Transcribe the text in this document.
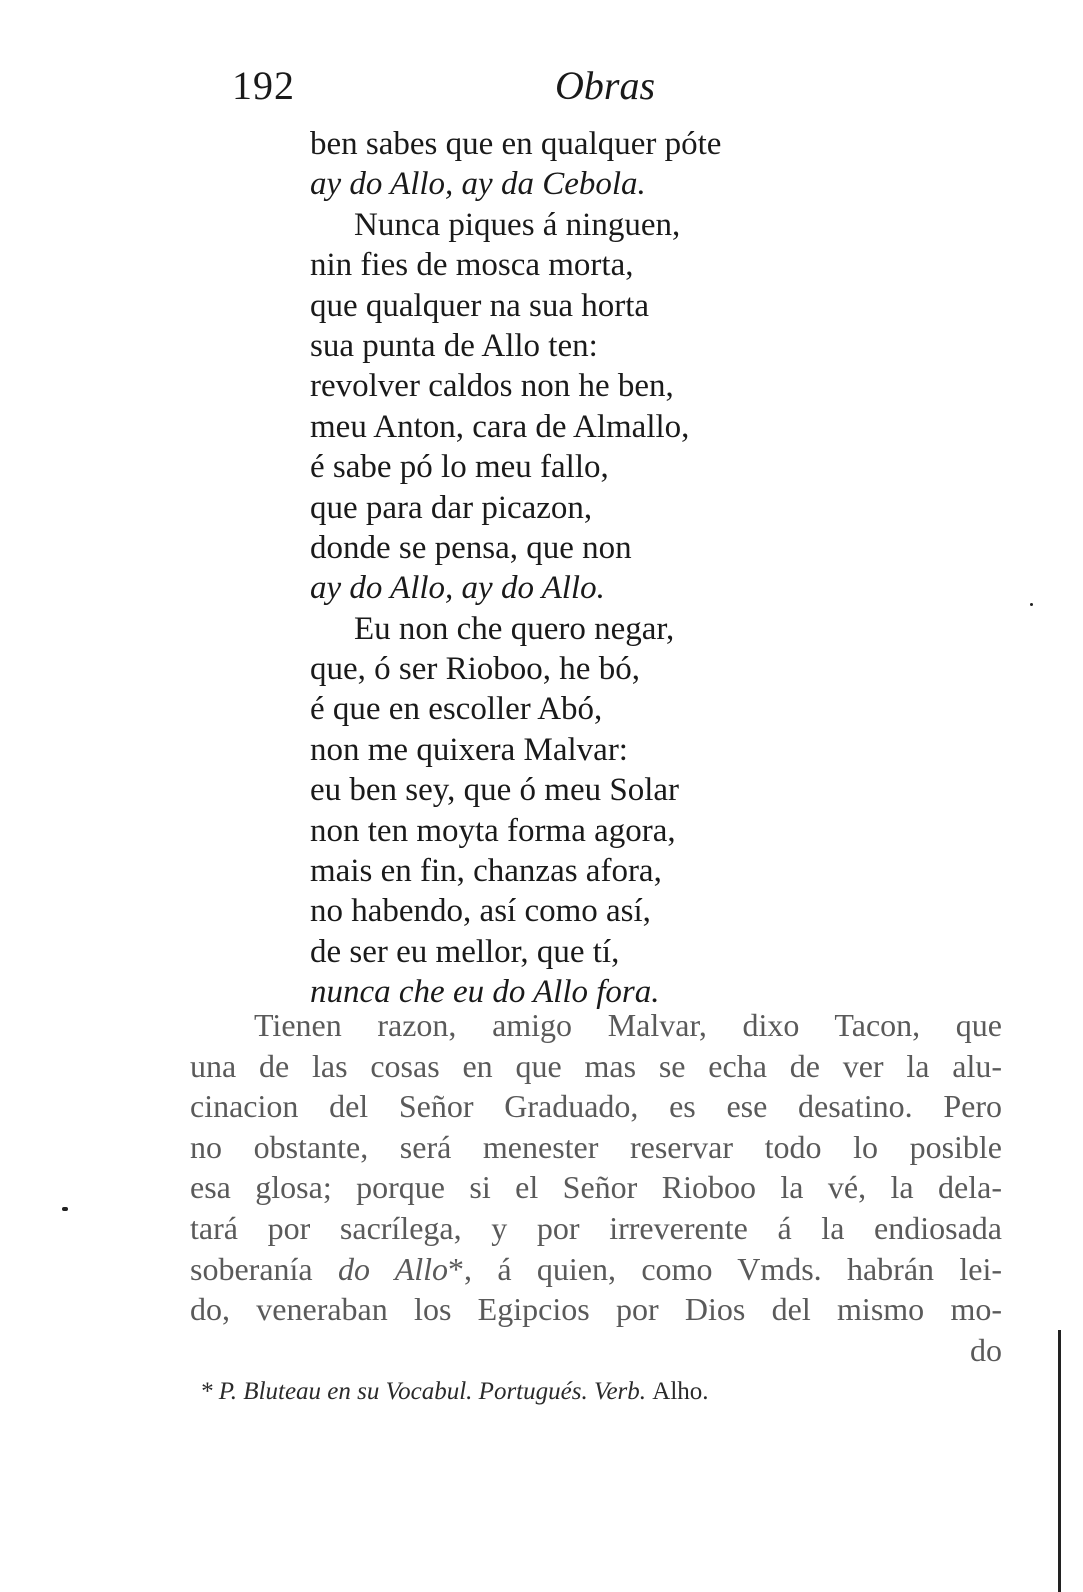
192	Obras
ben sabes que en qualquer póte
ay do Allo, ay da Cebola.
Nunca piques á ninguen,
nin fies de mosca morta,
que qualquer na sua horta
sua punta de Allo ten:
revolver caldos non he ben,
meu Anton, cara de Almallo,
é sabe pó lo meu fallo,
que para dar picazon,
donde se pensa, que non
ay do Allo, ay do Allo.
Eu non che quero negar,
que, ó ser Rioboo, he bó,
é que en escoller Abó,
non me quixera Malvar:
eu ben sey, que ó meu Solar
non ten moyta forma agora,
mais en fin, chanzas afora,
no habendo, así como así,
de ser eu mellor, que tí,
nunca che eu do Allo fora.
Tienen razon, amigo Malvar, dixo Tacon, que
una de las cosas en que mas se echa de ver la alu-
cinacion del Señor Graduado, es ese desatino. Pero
no obstante, será menester reservar todo lo posible
esa glosa; porque si el Señor Rioboo la vé, la dela-
tará por sacrílega, y por irreverente á la endiosada
soberanía do Allo*, á quien, como Vmds. habrán lei-
do, veneraban los Egipcios por Dios del mismo mo-
do
* P. Bluteau en su Vocabul. Portugués. Verb. Alho.
